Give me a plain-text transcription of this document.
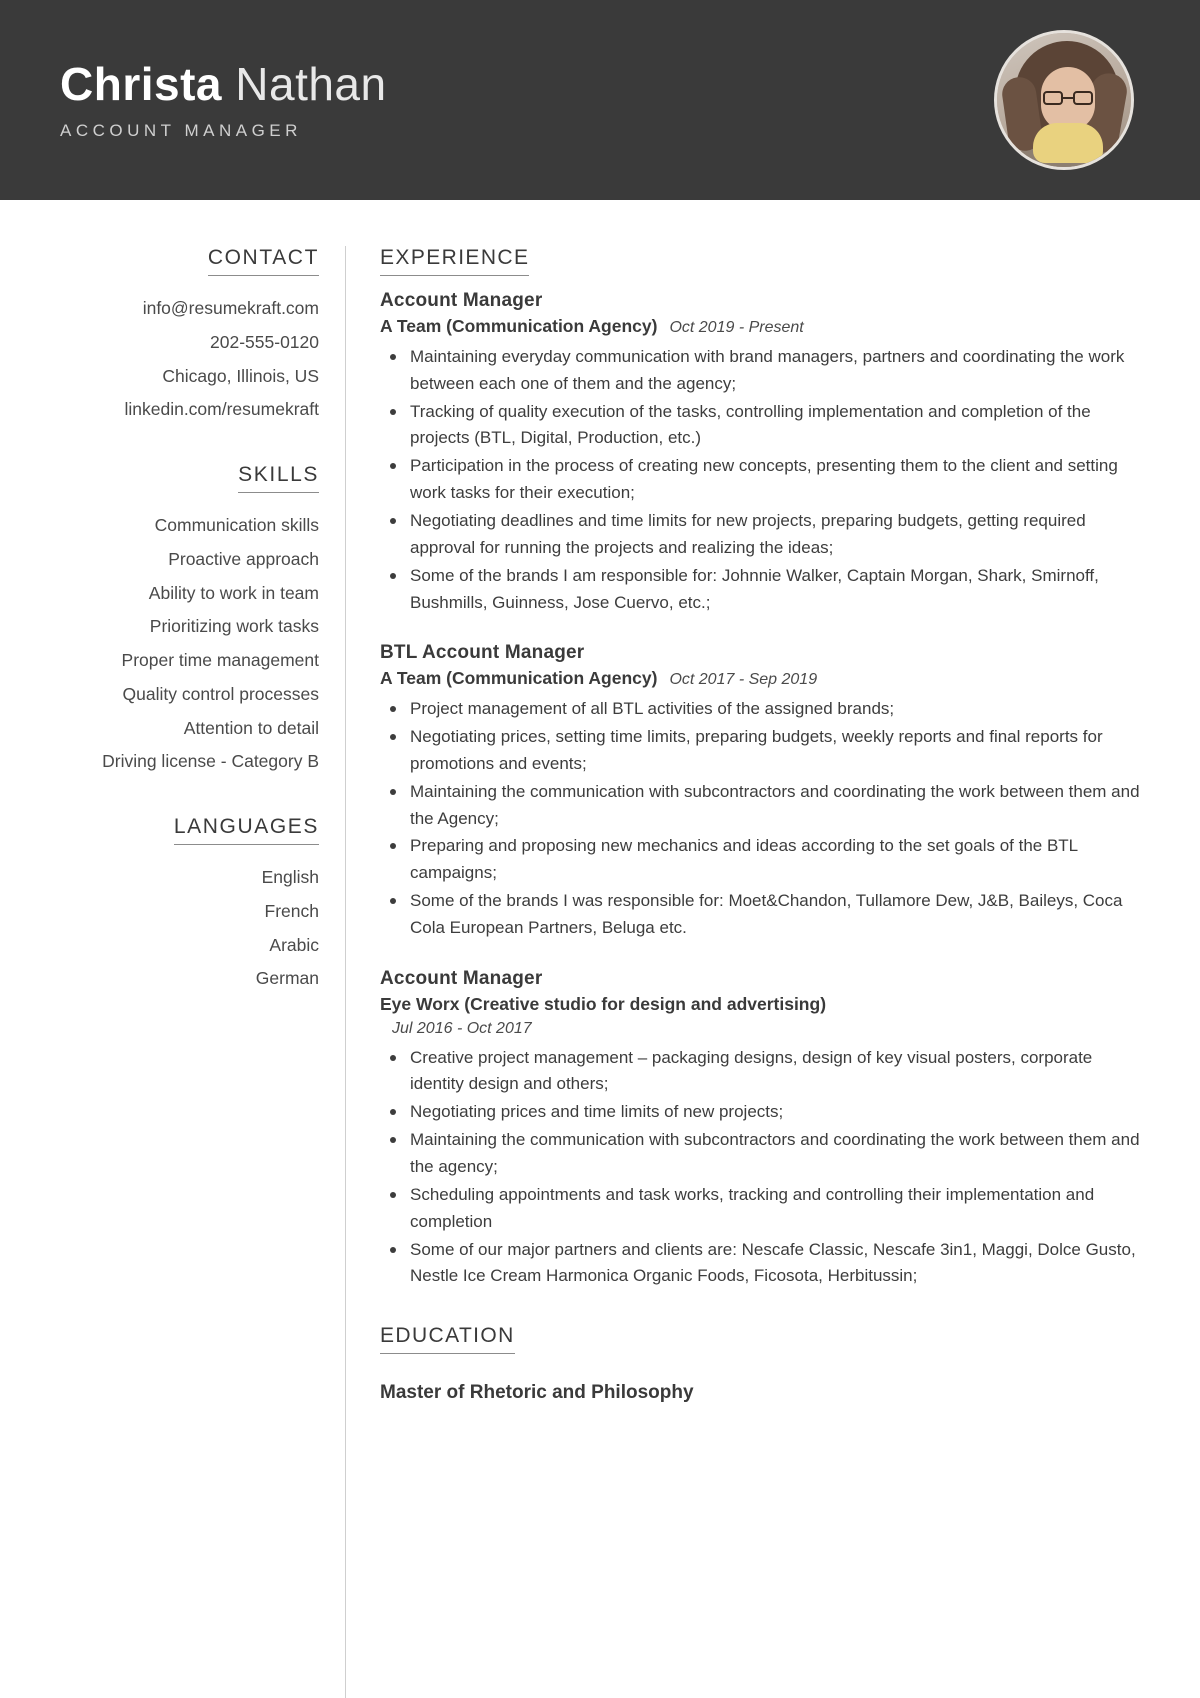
Christa Nathan
ACCOUNT MANAGER
CONTACT
info@resumekraft.com
202-555-0120
Chicago, Illinois, US
linkedin.com/resumekraft
SKILLS
Communication skills
Proactive approach
Ability to work in team
Prioritizing work tasks
Proper time management
Quality control processes
Attention to detail
Driving license - Category B
LANGUAGES
English
French
Arabic
German
EXPERIENCE
Account Manager
A Team (Communication Agency) Oct 2019 - Present
Maintaining everyday communication with brand managers, partners and coordinating the work between each one of them and the agency;
Tracking of quality execution of the tasks, controlling implementation and completion of the projects (BTL, Digital, Production, etc.)
Participation in the process of creating new concepts, presenting them to the client and setting work tasks for their execution;
Negotiating deadlines and time limits for new projects, preparing budgets, getting required approval for running the projects and realizing the ideas;
Some of the brands I am responsible for: Johnnie Walker, Captain Morgan, Shark, Smirnoff, Bushmills, Guinness, Jose Cuervo, etc.;
BTL Account Manager
A Team (Communication Agency) Oct 2017 - Sep 2019
Project management of all BTL activities of the assigned brands;
Negotiating prices, setting time limits, preparing budgets, weekly reports and final reports for promotions and events;
Maintaining the communication with subcontractors and coordinating the work between them and the Agency;
Preparing and proposing new mechanics and ideas according to the set goals of the BTL campaigns;
Some of the brands I was responsible for: Moet&Chandon, Tullamore Dew, J&B, Baileys, Coca Cola European Partners, Beluga etc.
Account Manager
Eye Worx (Creative studio for design and advertising)
Jul 2016 - Oct 2017
Creative project management – packaging designs, design of key visual posters, corporate identity design and others;
Negotiating prices and time limits of new projects;
Maintaining the communication with subcontractors and coordinating the work between them and the agency;
Scheduling appointments and task works, tracking and controlling their implementation and completion
Some of our major partners and clients are: Nescafe Classic, Nescafe 3in1, Maggi, Dolce Gusto, Nestle Ice Cream Harmonica Organic Foods, Ficosota, Herbitussin;
EDUCATION
Master of Rhetoric and Philosophy
